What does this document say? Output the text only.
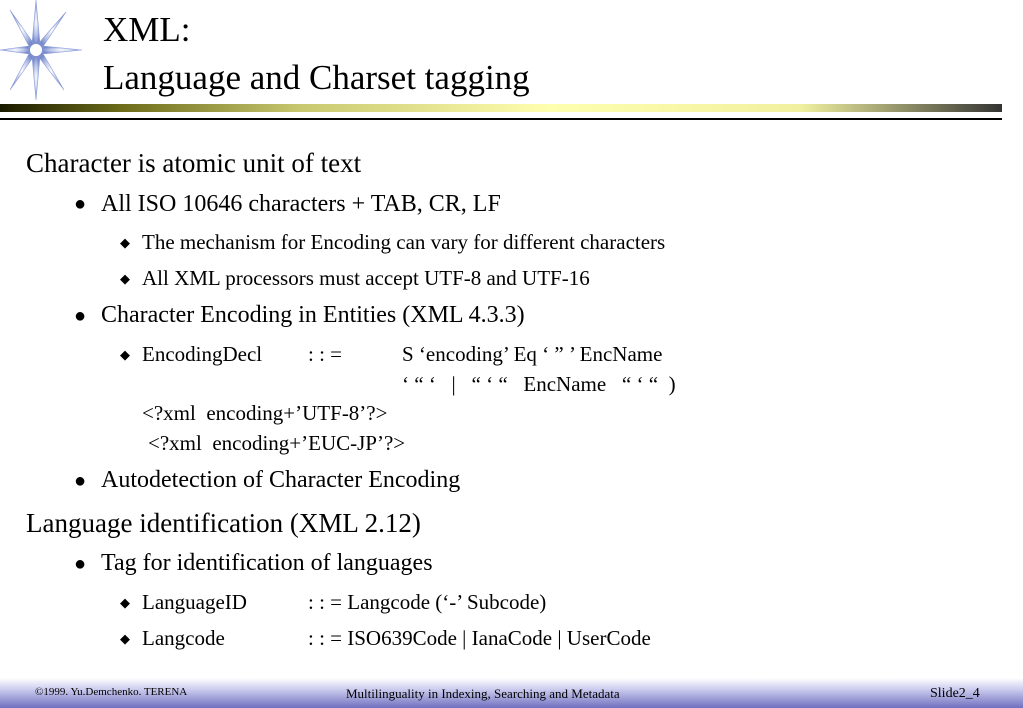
XML:
Language and Charset tagging
Character is atomic unit of text
● All ISO 10646 characters + TAB, CR, LF
◆ The mechanism for Encoding can vary for different characters
◆ All XML processors must accept UTF-8 and UTF-16
● Character Encoding in Entities (XML 4.3.3)
◆ EncodingDecl : : =	S ‘encoding’ Eq ‘ ” ’ EncName
‘ “ ‘   |   “ ‘ “   EncName   “ ‘ “  )
<?xml  encoding+’UTF-8’?>
<?xml  encoding+’EUC-JP’?>
● Autodetection of Character Encoding
Language identification (XML 2.12)
● Tag for identification of languages
◆ LanguageID	: : = Langcode (‘-’ Subcode)
◆ Langcode	: : = ISO639Code | IanaCode | UserCode
©1999. Yu.Demchenko. TERENA	Multilinguality in Indexing, Searching and Metadata	Slide2_4
